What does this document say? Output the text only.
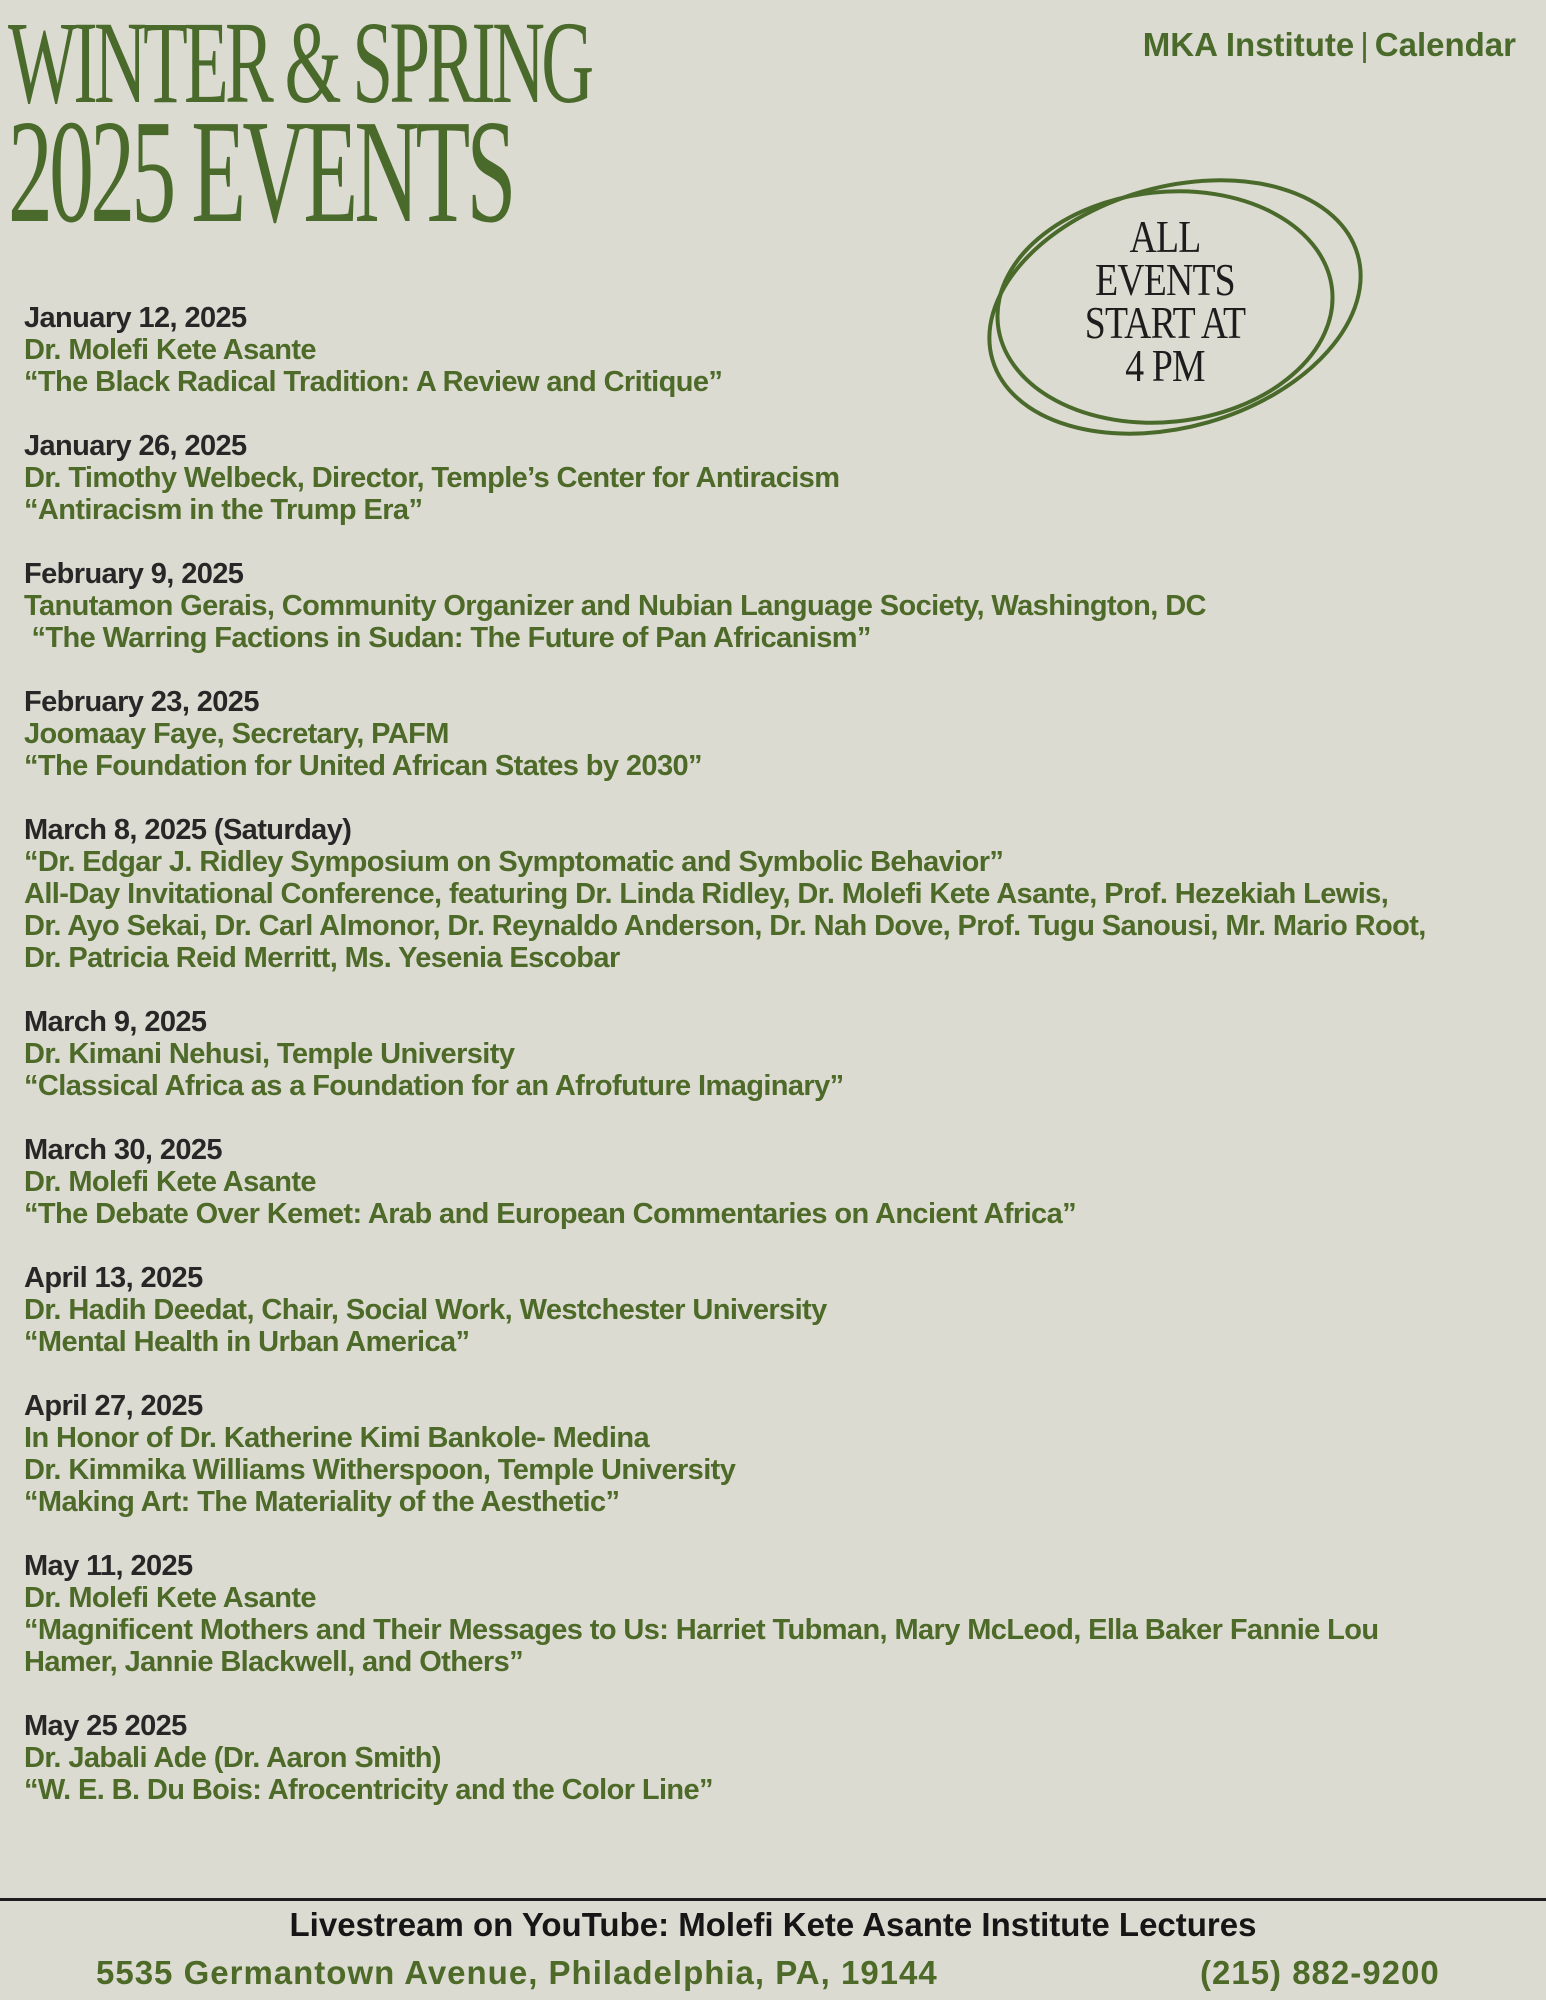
WINTER & SPRING
2025 EVENTS
MKA Institute | Calendar
ALL
EVENTS
START AT
4 PM
January 12, 2025
Dr. Molefi Kete Asante
“The Black Radical Tradition: A Review and Critique”
January 26, 2025
Dr. Timothy Welbeck, Director, Temple’s Center for Antiracism
“Antiracism in the Trump Era”
February 9, 2025
Tanutamon Gerais, Community Organizer and Nubian Language Society, Washington, DC
“The Warring Factions in Sudan: The Future of Pan Africanism”
February 23, 2025
Joomaay Faye, Secretary, PAFM
“The Foundation for United African States by 2030”
March 8, 2025 (Saturday)
“Dr. Edgar J. Ridley Symposium on Symptomatic and Symbolic Behavior”
All-Day Invitational Conference, featuring Dr. Linda Ridley, Dr. Molefi Kete Asante, Prof. Hezekiah Lewis,
Dr. Ayo Sekai, Dr. Carl Almonor, Dr. Reynaldo Anderson, Dr. Nah Dove, Prof. Tugu Sanousi, Mr. Mario Root,
Dr. Patricia Reid Merritt, Ms. Yesenia Escobar
March 9, 2025
Dr. Kimani Nehusi, Temple University
“Classical Africa as a Foundation for an Afrofuture Imaginary”
March 30, 2025
Dr. Molefi Kete Asante
“The Debate Over Kemet: Arab and European Commentaries on Ancient Africa”
April 13, 2025
Dr. Hadih Deedat, Chair, Social Work, Westchester University
“Mental Health in Urban America”
April 27, 2025
In Honor of Dr. Katherine Kimi Bankole- Medina
Dr. Kimmika Williams Witherspoon, Temple University
“Making Art: The Materiality of the Aesthetic”
May 11, 2025
Dr. Molefi Kete Asante
“Magnificent Mothers and Their Messages to Us: Harriet Tubman, Mary McLeod, Ella Baker Fannie Lou
Hamer, Jannie Blackwell, and Others”
May 25 2025
Dr. Jabali Ade (Dr. Aaron Smith)
“W. E. B. Du Bois: Afrocentricity and the Color Line”
Livestream on YouTube: Molefi Kete Asante Institute Lectures
5535 Germantown Avenue, Philadelphia, PA, 19144	(215) 882-9200
